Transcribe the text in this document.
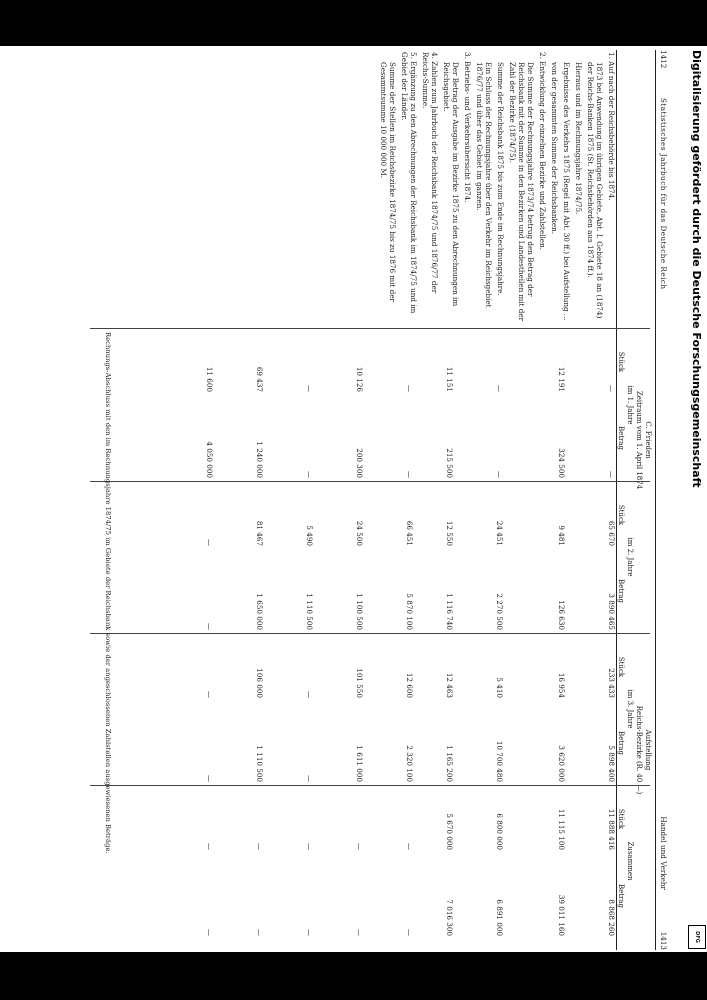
1412
Statistisches Jahrbuch für das Deutsche Reich
Handel und Verkehr
1413
C. Frieden
Zeitraum vom 1. April 1874
Aufstellung
Reichs-Bezirke (R. 40 —)
im 1. Jahre
im 2. Jahre
im 3. Jahre
Zusammen
Stück
Betrag
Stück
Betrag
Stück
Betrag
Stück
Betrag

1. Auf nach der Reichsbehörde bis 1874.

1873 bei Anwendung im übrigen Gebiete, Abt. I. Gebiete 18 an (1874) der Reichs-Banken 1875 (St. Reichsbehörden aus 1874 ff.).

Hieraus und im Rechnungsjahre 1874/75.

Ergebnisse des Verkehrs 1875 (Regel mit Abt. 30 ff.) bei Aufstellung ...

von der gesammten Summe der Reichsbanken.

2. Entwicklung der einzelnen Bezirke und Zahlstellen.

Die Summe der Rechnungsjahre 1873/74 betrug den Betrag der Reichsbank mit der Summe in den Bezirken und Landestheilen mit der Zahl der Bezirke (1874/75).

Summe der Reichsbank 1875 bis zum Ende im Rechnungsjahre.

Ein Schluss der Rechnungsjahre über den Verkehr im Reichsgebiet 1876/77 und über das Gebiet im ganzen.

3. Betriebs- und Verkehrsübersicht 1874.

Der Betrag der Ausgabe im Bezirke 1875 zu den Abrechnungen im Reichsgebiet.

4. Zahlen zum Jahrbuch der Reichsbank 1874/75 und 1876/77 der Reichs-Summe.

5. Ergänzung zu den Abrechnungen der Reichsbank im 1874/75 und im Gebiet der Länder.

Summe der Stellen im Reichsbezirke 1874/75 bis zu 1876 mit der Gesammtsumme 10 000 000 M.

—
—
65 670
3 890 465
233 433
5 898 400
11 888 416
8 868 260
12 191
324 500
9 481
126 630
16 954
3 620 000
11 115 100
39 011 160
—
—
24 451
2 270 500
5 410
10 700 480
6 800 000
6 891 000
11 151
215 500
12 550
1 116 740
12 463
1 165 200
5 670 000
7 016 300
—
—
66 451
5 870 100
12 600
2 320 100
—
—
10 126
200 300
24 500
1 100 500
101 550
1 611 000
—
—
—
—
5 490
1 110 500
—
—
—
—
69 437
1 240 000
81 467
1 650 000
106 000
1 110 500
—
—
11 600
4 050 000
—
—
—
—
—
—
Rechnungs-Abschluss mit den im Rechnungsjahre 1874/75 im Gebiete der Reichsbank sowie der angeschlossenen Zahlstellen ausgewiesenen Beträge.
Digitalisierung gefördert durch die Deutsche Forschungsgemeinschaft
DFG
